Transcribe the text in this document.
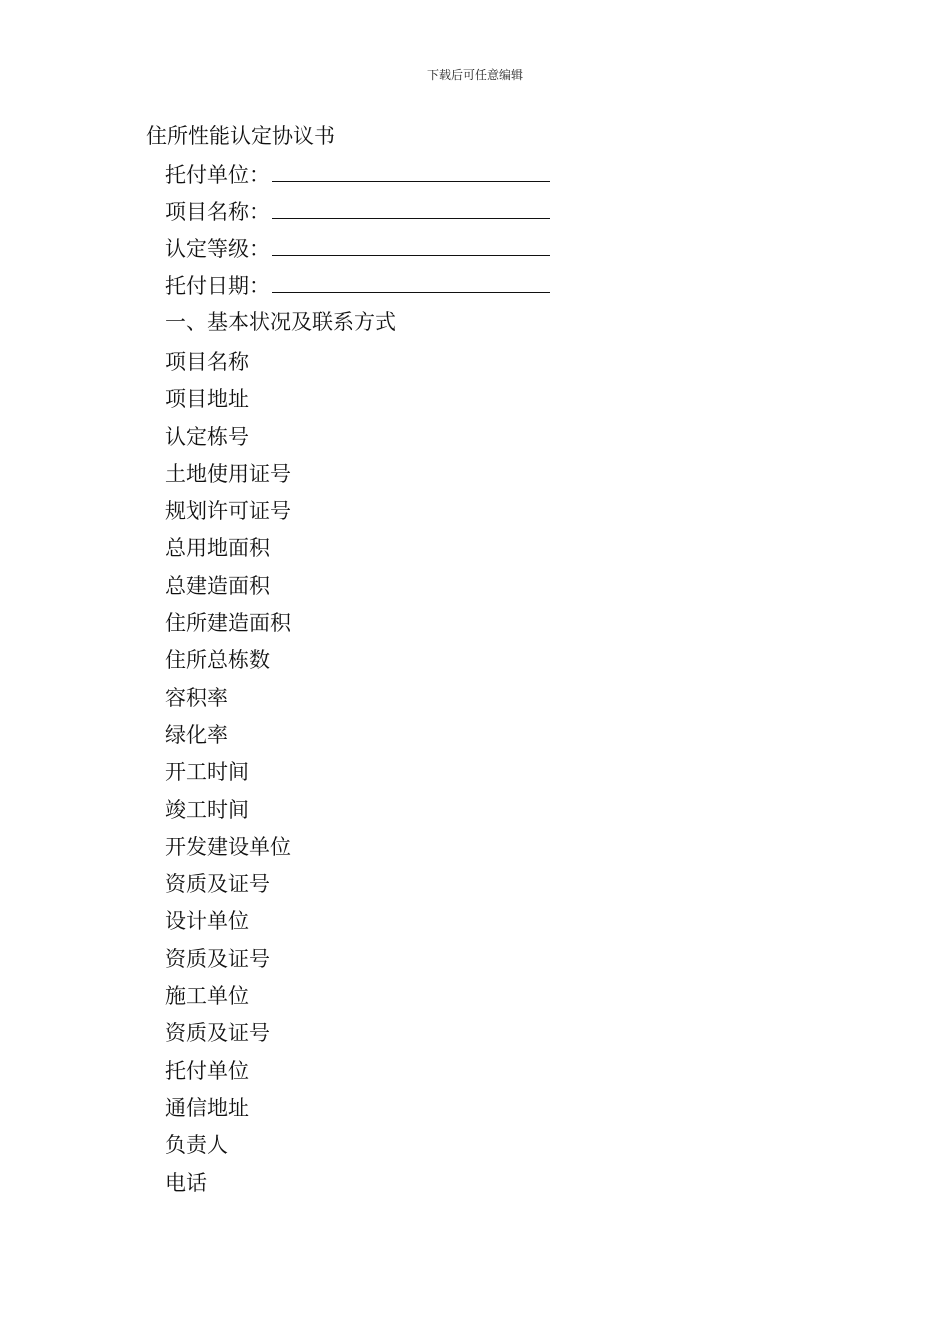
下载后可任意编辑
住所性能认定协议书
托付单位：
项目名称：
认定等级：
托付日期：
一、基本状况及联系方式
项目名称
项目地址
认定栋号
土地使用证号
规划许可证号
总用地面积
总建造面积
住所建造面积
住所总栋数
容积率
绿化率
开工时间
竣工时间
开发建设单位
资质及证号
设计单位
资质及证号
施工单位
资质及证号
托付单位
通信地址
负责人
电话
